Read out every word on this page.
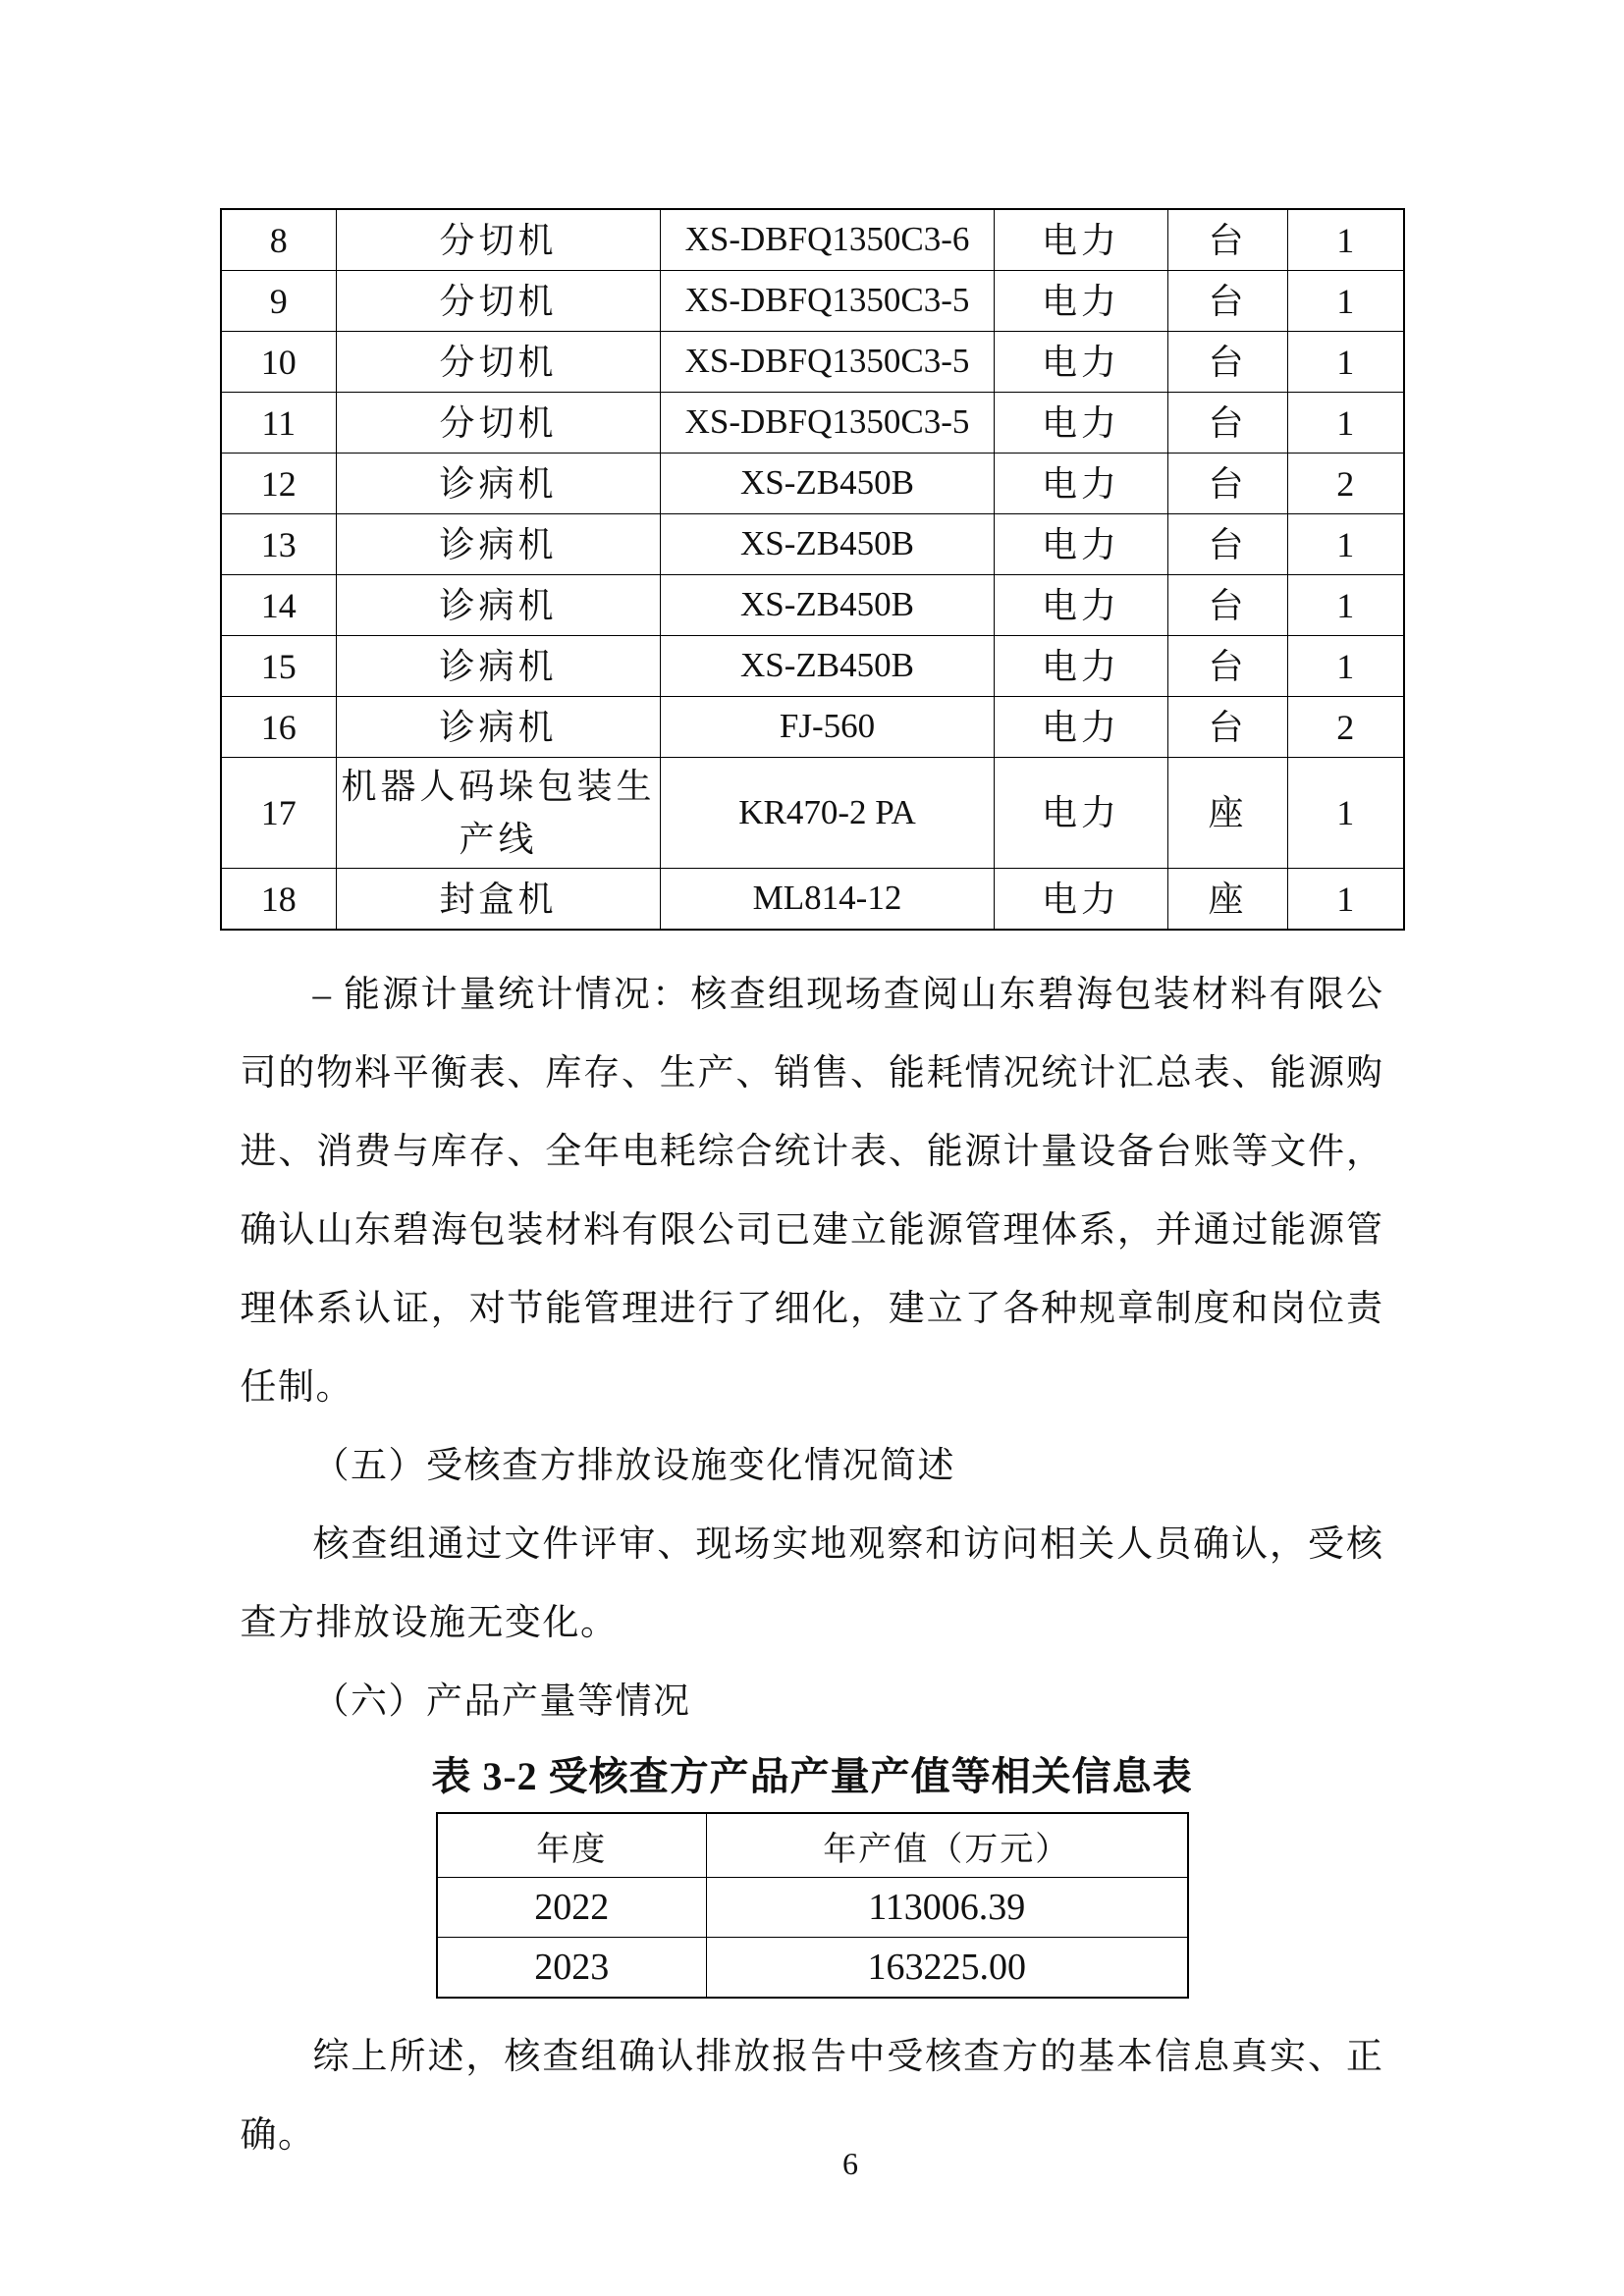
8	分切机	XS-DBFQ1350C3-6	电力	台	1
9	分切机	XS-DBFQ1350C3-5	电力	台	1
10	分切机	XS-DBFQ1350C3-5	电力	台	1
11	分切机	XS-DBFQ1350C3-5	电力	台	1
12	诊病机	XS-ZB450B	电力	台	2
13	诊病机	XS-ZB450B	电力	台	1
14	诊病机	XS-ZB450B	电力	台	1
15	诊病机	XS-ZB450B	电力	台	1
16	诊病机	FJ-560	电力	台	2
17	机器人码垛包装生产线	KR470-2 PA	电力	座	1
18	封盒机	ML814-12	电力	座	1
– 能源计量统计情况：核查组现场查阅山东碧海包装材料有限公司的物料平衡表、库存、生产、销售、能耗情况统计汇总表、能源购进、消费与库存、全年电耗综合统计表、能源计量设备台账等文件，确认山东碧海包装材料有限公司已建立能源管理体系，并通过能源管理体系认证，对节能管理进行了细化，建立了各种规章制度和岗位责任制。
（五）受核查方排放设施变化情况简述
核查组通过文件评审、现场实地观察和访问相关人员确认，受核查方排放设施无变化。
（六）产品产量等情况
表 3-2 受核查方产品产量产值等相关信息表
年度	年产值（万元）
2022	113006.39
2023	163225.00
综上所述，核查组确认排放报告中受核查方的基本信息真实、正确。
6
